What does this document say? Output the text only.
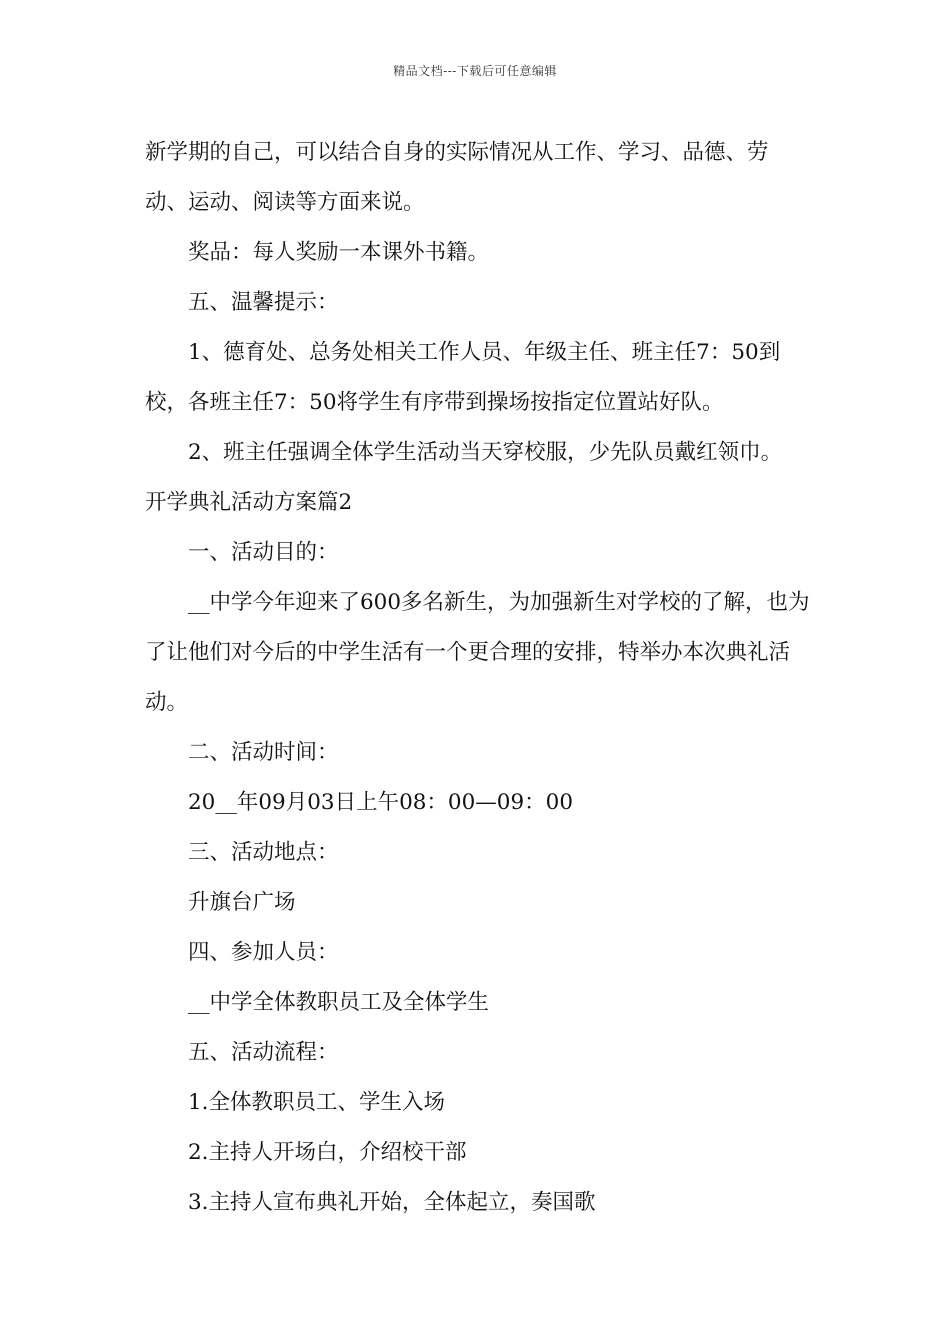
精品文档---下载后可任意编辑

新学期的自己，可以结合自身的实际情况从工作、学习、品德、劳动、运动、阅读等方面来说。

奖品：每人奖励一本课外书籍。

五、温馨提示：

1、德育处、总务处相关工作人员、年级主任、班主任7：50到校，各班主任7：50将学生有序带到操场按指定位置站好队。

2、班主任强调全体学生活动当天穿校服，少先队员戴红领巾。

开学典礼活动方案篇2

一、活动目的：

__中学今年迎来了600多名新生，为加强新生对学校的了解，也为了让他们对今后的中学生活有一个更合理的安排，特举办本次典礼活动。

二、活动时间：

20__年09月03日上午08：00—09：00

三、活动地点：

升旗台广场

四、参加人员：

__中学全体教职员工及全体学生

五、活动流程：

1.全体教职员工、学生入场

2.主持人开场白，介绍校干部

3.主持人宣布典礼开始，全体起立，奏国歌
